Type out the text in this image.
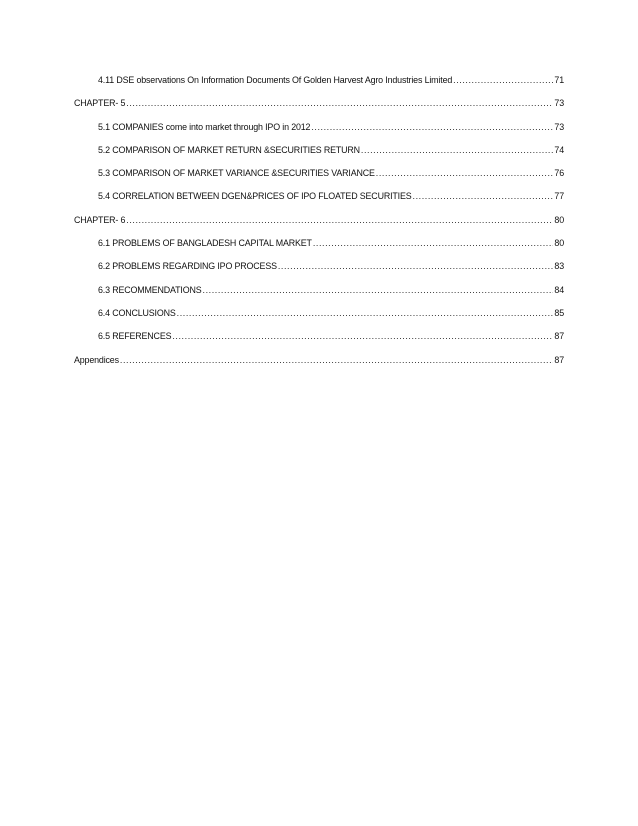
4.11 DSE observations On Information Documents Of Golden Harvest Agro Industries Limited .....	71
CHAPTER- 5 .....	73
5.1 COMPANIES come into market through IPO in 2012 .....	73
5.2 COMPARISON OF MARKET RETURN &SECURITIES RETURN .....	74
5.3 COMPARISON OF MARKET VARIANCE &SECURITIES VARIANCE .....	76
5.4 CORRELATION BETWEEN DGEN&PRICES OF IPO FLOATED SECURITIES .....	77
CHAPTER- 6 .....	80
6.1 PROBLEMS OF BANGLADESH CAPITAL MARKET .....	80
6.2 PROBLEMS REGARDING IPO PROCESS .....	83
6.3 RECOMMENDATIONS .....	84
6.4 CONCLUSIONS .....	85
6.5 REFERENCES .....	87
Appendices .....	87
